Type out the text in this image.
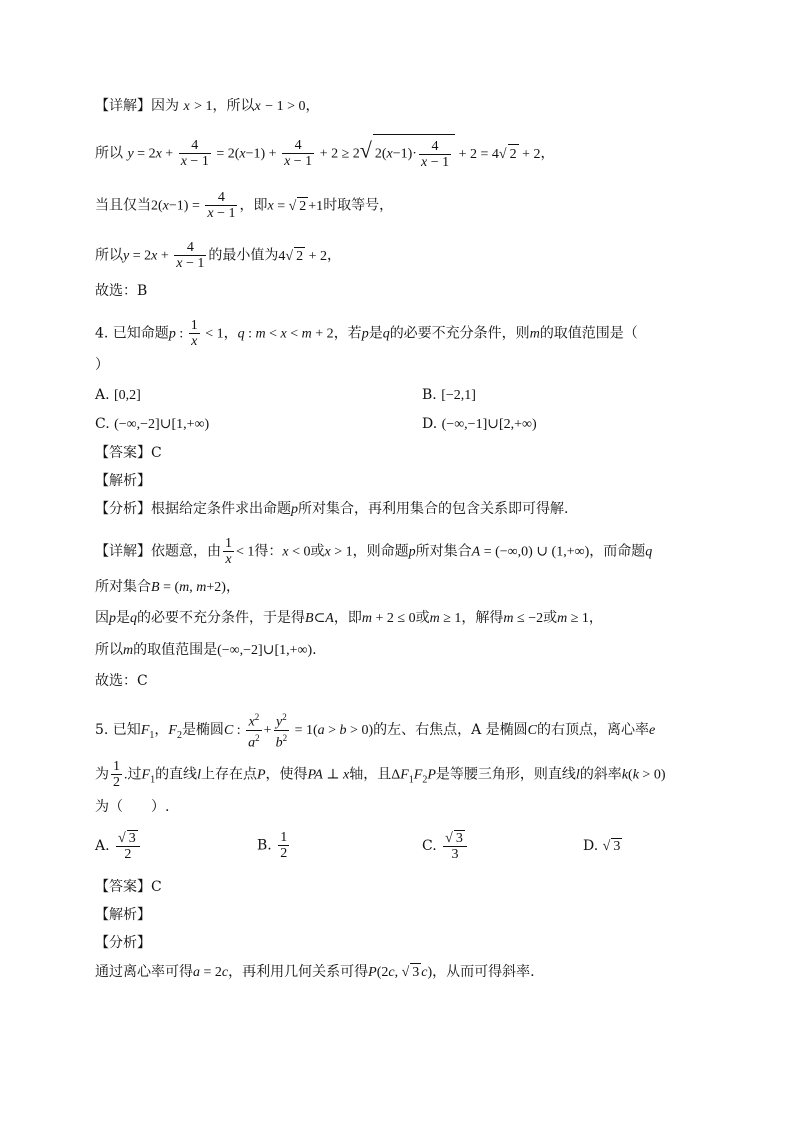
【详解】因为 x > 1，所以x − 1 > 0，
所以 $y = 2x + \frac{4}{x - 1} = 2(x-1) + \frac{4}{x - 1} + 2 \ge 2√$ $2(x-1)\cdot \frac{4}{x - 1} + 2 = 4√$ 2 + 2，
当且仅当$2(x-1) = \frac{4}{x - 1}$ ，即x = √ 2 +1时取等号，
所以$y = 2x + \frac{4}{x - 1}$ 的最小值为4√ 2 + 2，
故选：B
4. 已知命题p : $\frac{1}{x} < 1$，q : m < x < m + 2，若p是q的必要不充分条件，则m的取值范围是（
）
A. [0,2]	B. [−2,1]
C. (−∞,−2]∪[1,+∞)	D. (−∞,−1]∪[2,+∞)
【答案】C
【解析】
【分析】根据给定条件求出命题p所对集合，再利用集合的包含关系即可得解.
【详解】依题意，由 $\frac{1}{x} < 1$得：x < 0或x > 1，则命题p所对集合A = (−∞,0) ∪ (1,+∞)，而命题q
所对集合B = (m, m+2)，
因p是q的必要不充分条件，于是得B⊂A，即m + 2 ≤ 0或m ≥ 1，解得m ≤ −2或m ≥ 1，
所以m的取值范围是(−∞,−2]∪[1,+∞).
故选：C
5. 已知$F_1$，$F_2$是椭圆C : $\frac{x^2}{a^2} + \frac{y^2}{b^2} = 1(a > b > 0)$的左、右焦点，A 是椭圆C的右顶点，离心率e
为 $\frac{1}{2}$ .过$F_1$的直线l上存在点P，使得PA ⊥ x轴，且$\Delta F_1F_2P$是等腰三角形，则直线l的斜率k(k > 0)
为（　　）.
A. $\frac{√ 3}{2}$	B. $\frac{1}{2}$	C. $\frac{√ 3}{3}$	D. √ 3
【答案】C
【解析】
【分析】
通过离心率可得a = 2c，再利用几何关系可得P(2c, √ 3 c)，从而可得斜率.
